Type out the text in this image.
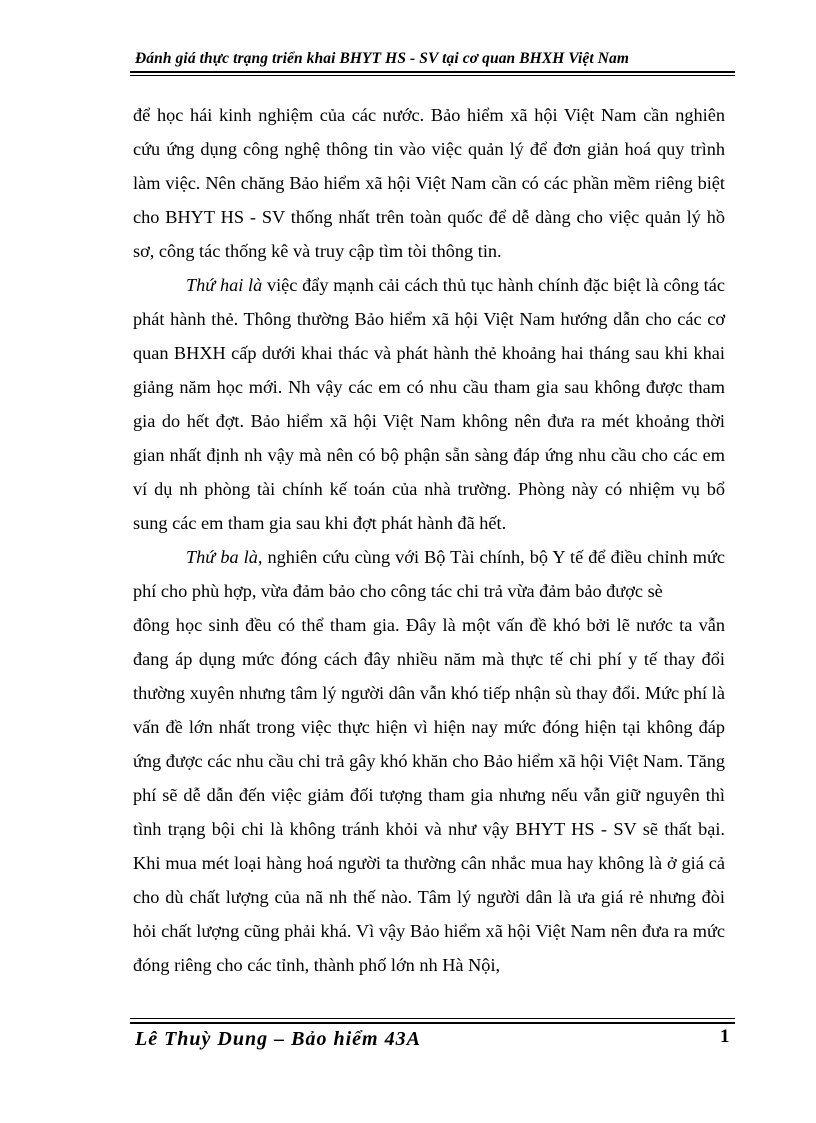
Đánh giá thực trạng triển khai BHYT HS - SV tại cơ quan BHXH Việt Nam

để học hái kinh nghiệm của các nước. Bảo hiểm xã hội Việt Nam cần nghiên cứu ứng dụng công nghệ thông tin vào việc quản lý để đơn giản hoá quy trình làm việc. Nên chăng Bảo hiểm xã hội Việt Nam cần có các phần mềm riêng biệt cho BHYT HS - SV thống nhất trên toàn quốc để dễ dàng cho việc quản lý hồ sơ, công tác thống kê và truy cập tìm tòi thông tin.

Thứ hai là việc đẩy mạnh cải cách thủ tục hành chính đặc biệt là công tác phát hành thẻ. Thông thường Bảo hiểm xã hội Việt Nam hướng dẫn cho các cơ quan BHXH cấp dưới khai thác và phát hành thẻ khoảng hai tháng sau khi khai giảng năm học mới. Nh vậy các em có nhu cầu tham gia sau không được tham gia do hết đợt. Bảo hiểm xã hội Việt Nam không nên đưa ra mét khoảng thời gian nhất định nh vậy mà nên có bộ phận sẵn sàng đáp ứng nhu cầu cho các em ví dụ nh phòng tài chính kế toán của nhà trường. Phòng này có nhiệm vụ bổ sung các em tham gia sau khi đợt phát hành đã hết.

Thứ ba là, nghiên cứu cùng với Bộ Tài chính, bộ Y tế để điều chỉnh mức phí cho phù hợp, vừa đảm bảo cho công tác chi trả vừa đảm bảo được sè

đông học sinh đều có thể tham gia. Đây là một vấn đề khó bởi lẽ nước ta vẫn đang áp dụng mức đóng cách đây nhiều năm mà thực tế chi phí y tế thay đổi thường xuyên nhưng tâm lý người dân vẫn khó tiếp nhận sù thay đổi. Mức phí là vấn đề lớn nhất trong việc thực hiện vì hiện nay mức đóng hiện tại không đáp ứng được các nhu cầu chi trả gây khó khăn cho Bảo hiểm xã hội Việt Nam. Tăng phí sẽ dễ dẫn đến việc giảm đối tượng tham gia nhưng nếu vẫn giữ nguyên thì tình trạng bội chi là không tránh khỏi và như vậy BHYT HS - SV sẽ thất bại. Khi mua mét loại hàng hoá người ta thường cân nhắc mua hay không là ở giá cả cho dù chất lượng của nã nh thế nào. Tâm lý người dân là ưa giá rẻ nhưng đòi hỏi chất lượng cũng phải khá. Vì vậy Bảo hiểm xã hội Việt Nam nên đưa ra mức đóng riêng cho các tỉnh, thành phố lớn nh Hà Nội,

Lê Thuỳ Dung – Bảo hiểm 43A	1
